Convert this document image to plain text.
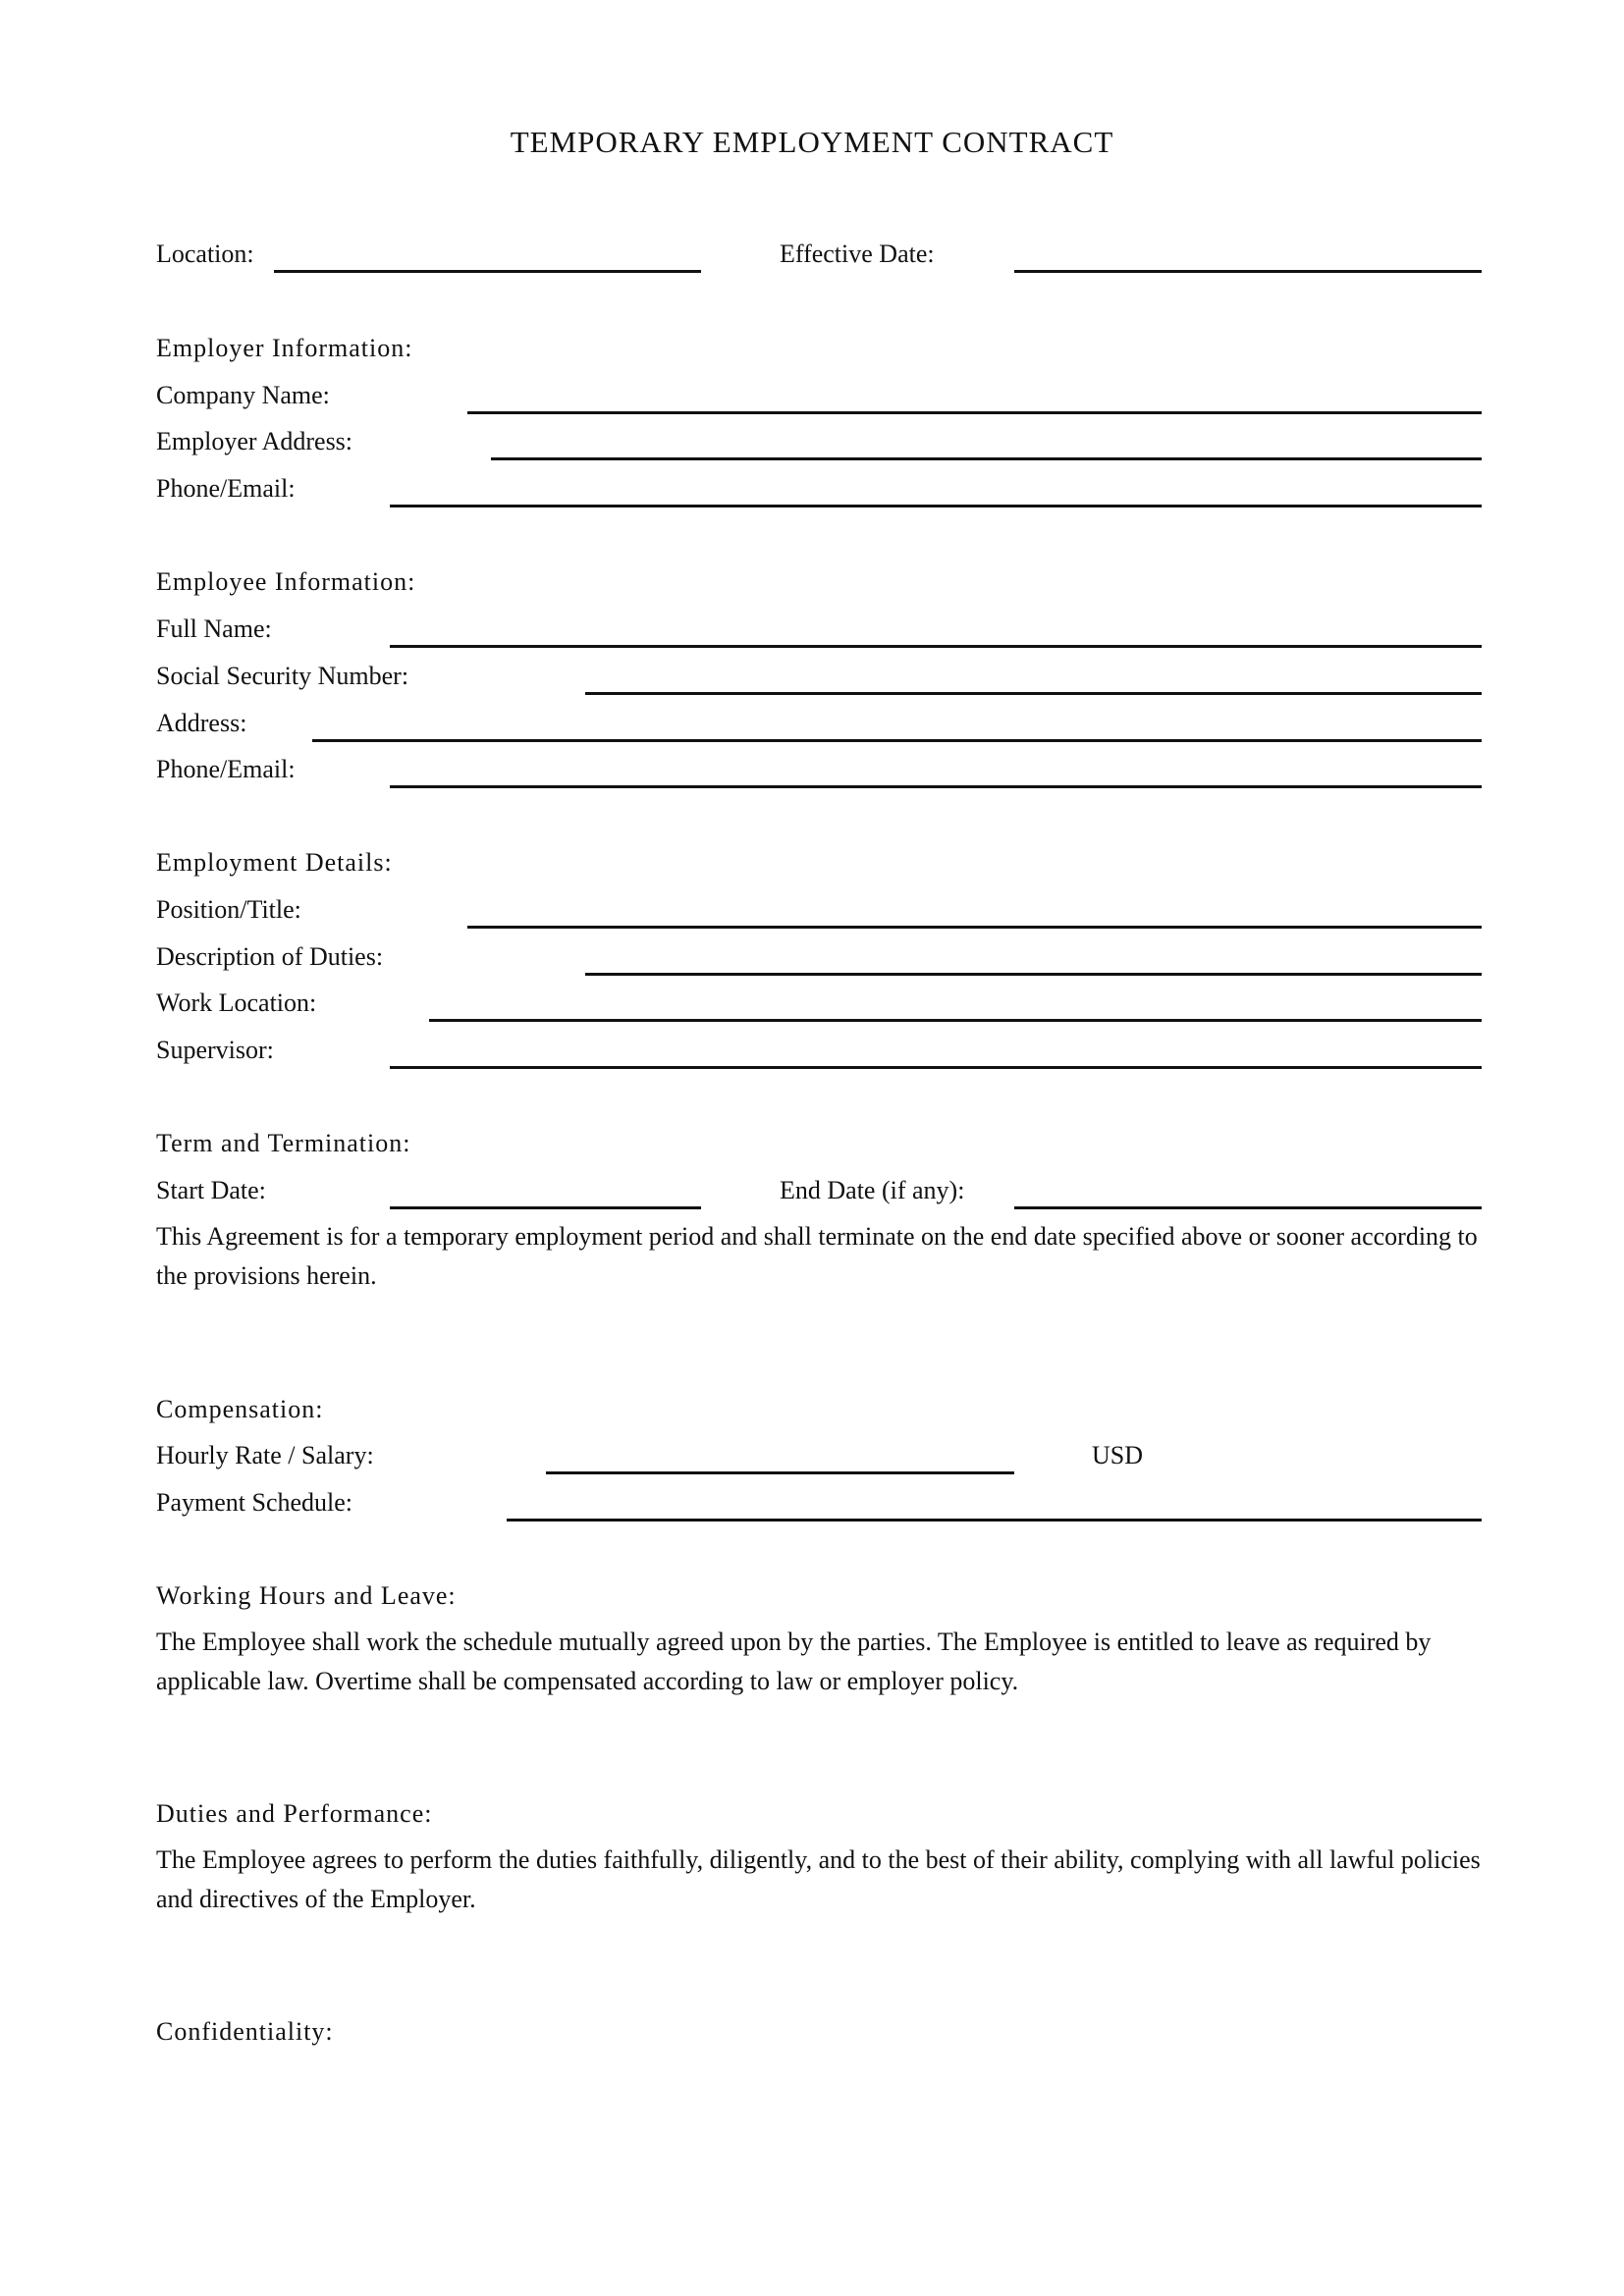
TEMPORARY EMPLOYMENT CONTRACT
Location:	Effective Date:
Employer Information:
Company Name:
Employer Address:
Phone/Email:
Employee Information:
Full Name:
Social Security Number:
Address:
Phone/Email:
Employment Details:
Position/Title:
Description of Duties:
Work Location:
Supervisor:
Term and Termination:
Start Date:	End Date (if any):
This Agreement is for a temporary employment period and shall terminate on the end date specified above or sooner according to the provisions herein.
Compensation:
Hourly Rate / Salary:	USD
Payment Schedule:
Working Hours and Leave:
The Employee shall work the schedule mutually agreed upon by the parties. The Employee is entitled to leave as required by applicable law. Overtime shall be compensated according to law or employer policy.
Duties and Performance:
The Employee agrees to perform the duties faithfully, diligently, and to the best of their ability, complying with all lawful policies and directives of the Employer.
Confidentiality:
